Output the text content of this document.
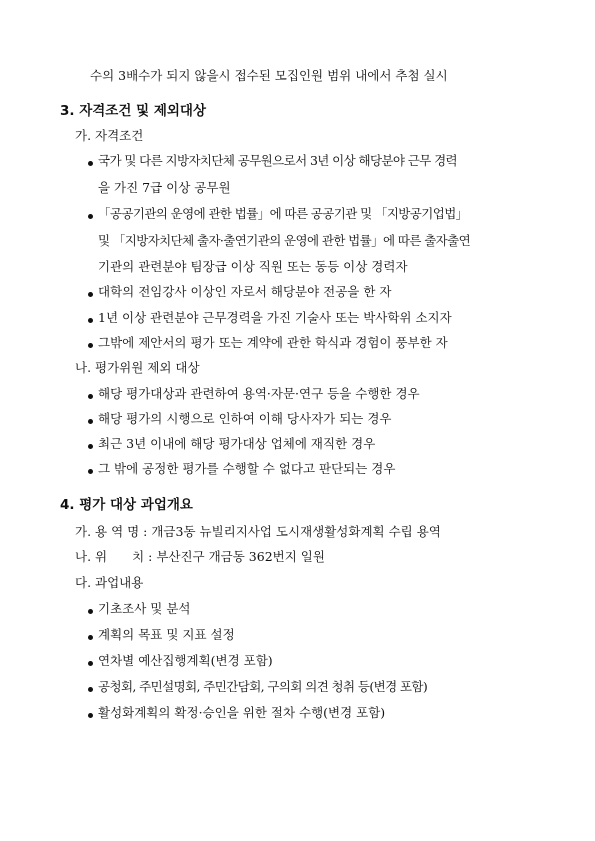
수의 3배수가 되지 않을시 접수된 모집인원 범위 내에서 추첨 실시
3. 자격조건 및 제외대상
가. 자격조건
국가 및 다른 지방자치단체 공무원으로서 3년 이상 해당분야 근무 경력
을 가진 7급 이상 공무원
「공공기관의 운영에 관한 법률」에 따른 공공기관 및 「지방공기업법」
및 「지방자치단체 출자·출연기관의 운영에 관한 법률」에 따른 출자출연
기관의 관련분야 팀장급 이상 직원 또는 동등 이상 경력자
대학의 전임강사 이상인 자로서 해당분야 전공을 한 자
1년 이상 관련분야 근무경력을 가진 기술사 또는 박사학위 소지자
그밖에 제안서의 평가 또는 계약에 관한 학식과 경험이 풍부한 자
나. 평가위원 제외 대상
해당 평가대상과 관련하여 용역·자문·연구 등을 수행한 경우
해당 평가의 시행으로 인하여 이해 당사자가 되는 경우
최근 3년 이내에 해당 평가대상 업체에 재직한 경우
그 밖에 공정한 평가를 수행할 수 없다고 판단되는 경우
4. 평가 대상 과업개요
가. 용 역 명 : 개금3동 뉴빌리지사업 도시재생활성화계획 수립 용역
나. 위　　치 : 부산진구 개금동 362번지 일원
다. 과업내용
기초조사 및 분석
계획의 목표 및 지표 설정
연차별 예산집행계획(변경 포함)
공청회, 주민설명회, 주민간담회, 구의회 의견 청취 등(변경 포함)
활성화계획의 확정·승인을 위한 절차 수행(변경 포함)
